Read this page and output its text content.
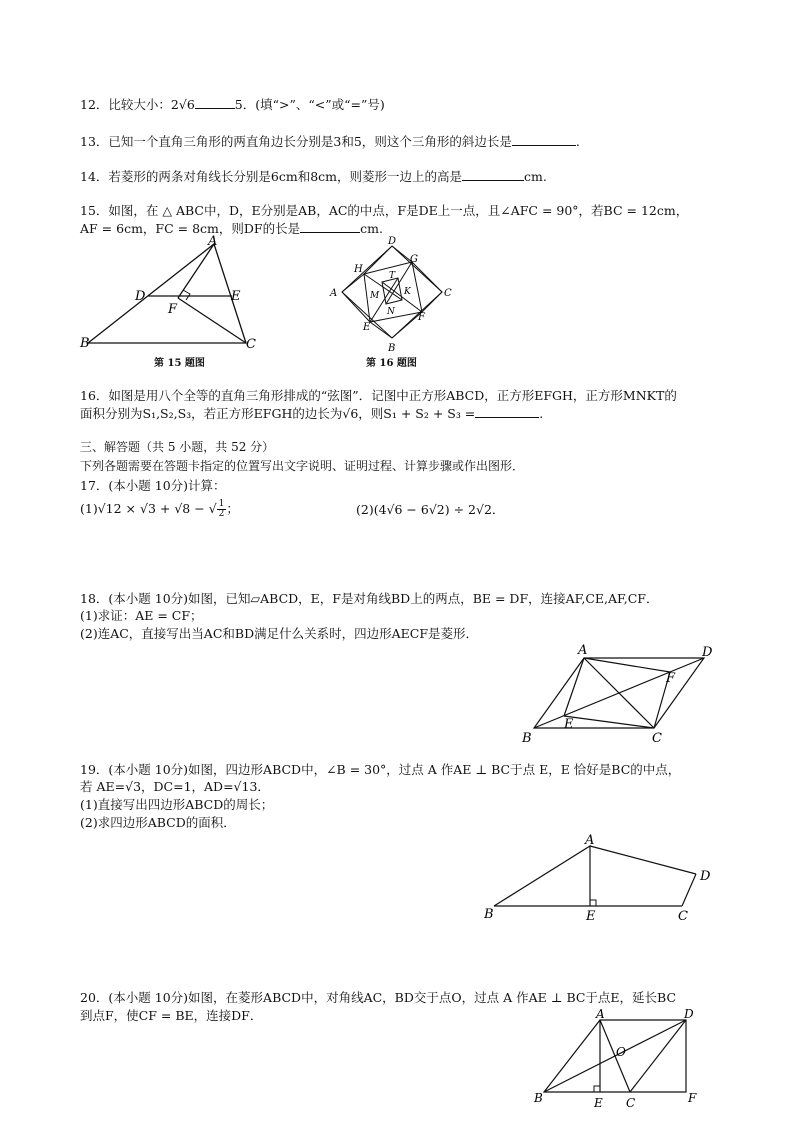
12．比较大小：2√6	5．(填“>”、“<”或“=”号)
13．已知一个直角三角形的两直角边长分别是3和5，则这个三角形的斜边长是	.
14．若菱形的两条对角线长分别是6cm和8cm，则菱形一边上的高是	cm.
15．如图，在 △ ABC中，D，E分别是AB，AC的中点，F是DE上一点，且∠AFC = 90°，若BC = 12cm，
AF = 6cm，FC = 8cm，则DF的长是	cm.
A
B	C
D	E
F
第 15 题图
D
A	C
B
H
G
F
E
M
N
K
T
第 16 题图
16．如图是用八个全等的直角三角形排成的“弦图”．记图中正方形ABCD，正方形EFGH，正方形MNKT的
面积分别为S₁,S₂,S₃，若正方形EFGH的边长为√6，则S₁ + S₂ + S₃ =	.
三、解答题（共 5 小题，共 52 分）
下列各题需要在答题卡指定的位置写出文字说明、证明过程、计算步骤或作出图形．
17．(本小题 10分)计算：
(1)√12 × √3 + √8 − √ $\frac{1}{2}$ ；	(2)(4√6 − 6√2) ÷ 2√2．
18．(本小题 10分)如图，已知▱ABCD，E，F是对角线BD上的两点，BE = DF，连接AF,CE,AF,CF．
(1)求证：AE = CF；
(2)连AC，直接写出当AC和BD满足什么关系时，四边形AECF是菱形．
A	D
B	C
F
E
19．(本小题 10分)如图，四边形ABCD中，∠B = 30°，过点 A 作AE ⊥ BC于点 E，E 恰好是BC的中点，
若 AE=√3，DC=1，AD=√13．
(1)直接写出四边形ABCD的周长；
(2)求四边形ABCD的面积．
A
B	E	C
D
20．(本小题 10分)如图，在菱形ABCD中，对角线AC，BD交于点O，过点 A 作AE ⊥ BC于点E，延长BC
到点F，使CF = BE，连接DF．	A	D
B	E C	F
O
